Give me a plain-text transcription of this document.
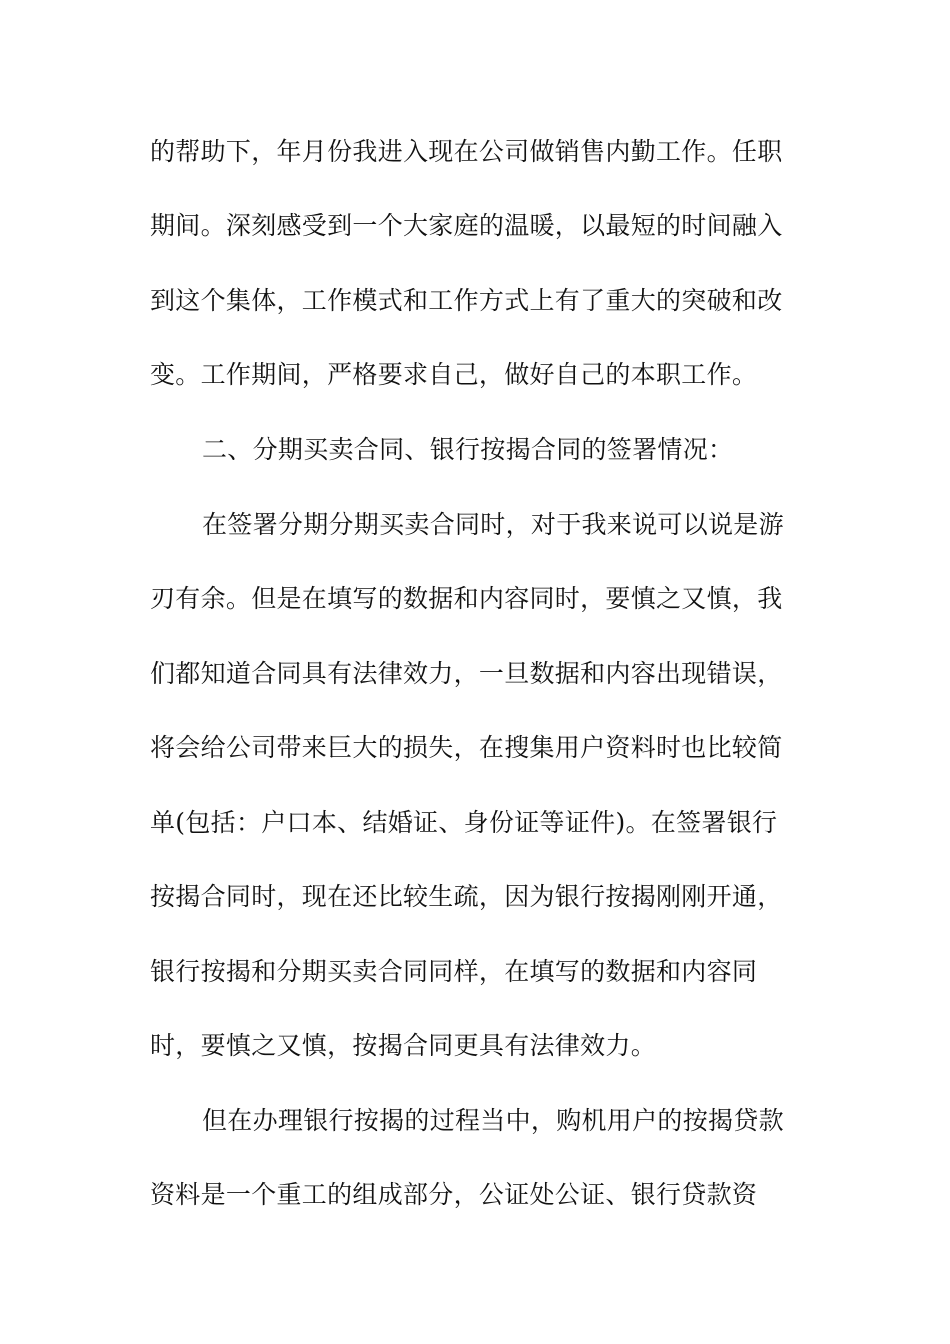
的帮助下，年月份我进入现在公司做销售内勤工作。任职
期间。深刻感受到一个大家庭的温暖，以最短的时间融入
到这个集体，工作模式和工作方式上有了重大的突破和改
变。工作期间，严格要求自己，做好自己的本职工作。
二、分期买卖合同、银行按揭合同的签署情况：
在签署分期分期买卖合同时，对于我来说可以说是游
刃有余。但是在填写的数据和内容同时，要慎之又慎，我
们都知道合同具有法律效力，一旦数据和内容出现错误，
将会给公司带来巨大的损失，在搜集用户资料时也比较简
单(包括：户口本、结婚证、身份证等证件)。在签署银行
按揭合同时，现在还比较生疏，因为银行按揭刚刚开通，
银行按揭和分期买卖合同同样，在填写的数据和内容同
时，要慎之又慎，按揭合同更具有法律效力。
但在办理银行按揭的过程当中，购机用户的按揭贷款
资料是一个重工的组成部分，公证处公证、银行贷款资
